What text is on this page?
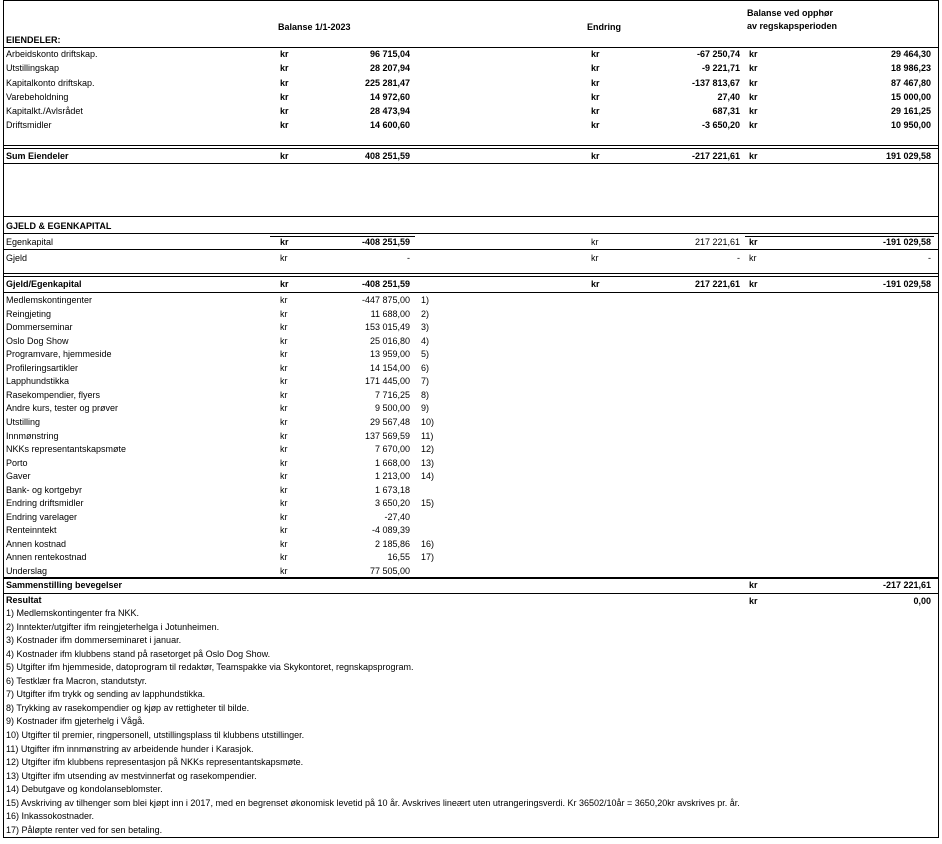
Balanse 1/1-2023	Endring
Balanse ved opphør
av regskapsperioden
EIENDELER:
Arbeidskonto driftskap.	kr	96 715,04	kr	-67 250,74 kr	29 464,30
Utstillingskap	kr	28 207,94	kr	-9 221,71 kr	18 986,23
Kapitalkonto driftskap.	kr	225 281,47	kr	-137 813,67 kr	87 467,80
Varebeholdning	kr	14 972,60	kr	27,40 kr	15 000,00
Kapitalkt./Avlsrådet	kr	28 473,94	kr	687,31 kr	29 161,25
Driftsmidler	kr	14 600,60	kr	-3 650,20 kr	10 950,00
Sum Eiendeler	kr	408 251,59	kr	-217 221,61 kr	191 029,58
GJELD & EGENKAPITAL
Egenkapital	kr	-408 251,59	kr	217 221,61 kr	-191 029,58
Gjeld	kr	-	kr	- kr	-
Gjeld/Egenkapital	kr	-408 251,59	kr	217 221,61 kr	-191 029,58
Medlemskontingenter	kr	-447 875,00 1)
Reingjeting	kr	11 688,00 2)
Dommerseminar	kr	153 015,49 3)
Oslo Dog Show	kr	25 016,80 4)
Programvare, hjemmeside	kr	13 959,00 5)
Profileringsartikler	kr	14 154,00 6)
Lapphundstikka	kr	171 445,00 7)
Rasekompendier, flyers	kr	7 716,25 8)
Andre kurs, tester og prøver	kr	9 500,00 9)
Utstilling	kr	29 567,48 10)
Innmønstring	kr	137 569,59 11)
NKKs representantskapsmøte	kr	7 670,00 12)
Porto	kr	1 668,00 13)
Gaver	kr	1 213,00 14)
Bank- og kortgebyr	kr	1 673,18
Endring driftsmidler	kr	3 650,20 15)
Endring varelager	kr	-27,40
Renteinntekt	kr	-4 089,39
Annen kostnad	kr	2 185,86 16)
Annen rentekostnad	kr	16,55 17)
Underslag	kr	77 505,00
Sammenstilling bevegelser	kr	-217 221,61
Resultat	kr	0,00
1) Medlemskontingenter fra NKK.
2) Inntekter/utgifter ifm reingjeterhelga i Jotunheimen.
3) Kostnader ifm dommerseminaret i januar.
4) Kostnader ifm klubbens stand på rasetorget på Oslo Dog Show.
5) Utgifter ifm hjemmeside, datoprogram til redaktør, Teamspakke via Skykontoret, regnskapsprogram.
6) Testklær fra Macron, standutstyr.
7) Utgifter ifm trykk og sending av lapphundstikka.
8) Trykking av rasekompendier og kjøp av rettigheter til bilde.
9) Kostnader ifm gjeterhelg i Vågå.
10) Utgifter til premier, ringpersonell, utstillingsplass til klubbens utstillinger.
11) Utgifter ifm innmønstring av arbeidende hunder i Karasjok.
12) Utgifter ifm klubbens representasjon på NKKs representantskapsmøte.
13) Utgifter ifm utsending av mestvinnerfat og rasekompendier.
14) Debutgave og kondolanseblomster.
15) Avskriving av tilhenger som blei kjøpt inn i 2017, med en begrenset økonomisk levetid på 10 år. Avskrives lineært uten utrangeringsverdi. Kr 36502/10år = 3650,20kr avskrives pr. år.
16) Inkassokostnader.
17) Påløpte renter ved for sen betaling.
